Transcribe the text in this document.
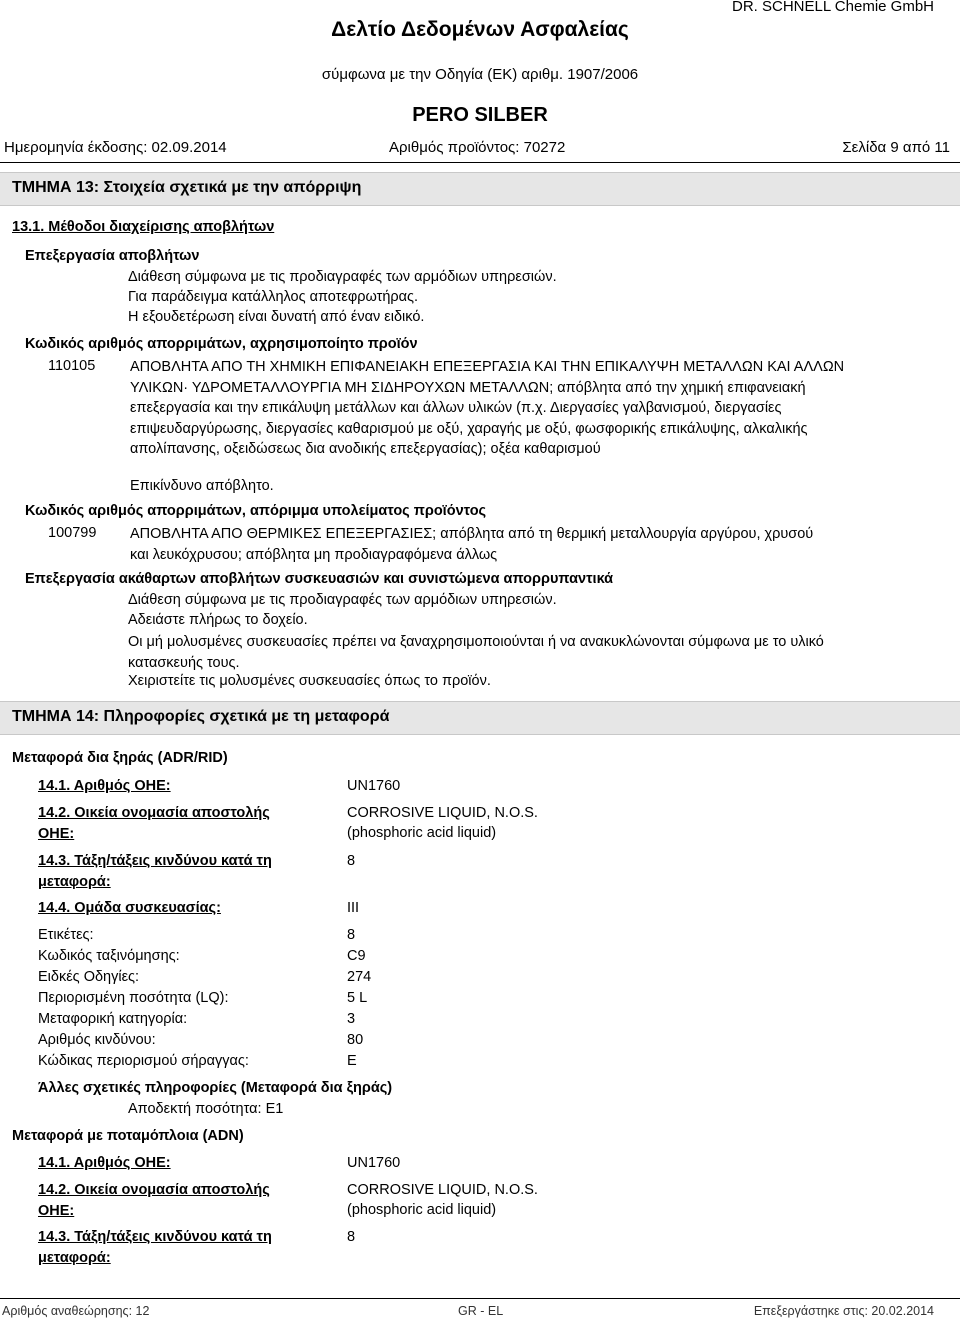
DR. SCHNELL Chemie GmbH
Δελτίο Δεδομένων Ασφαλείας
σύμφωνα με την Οδηγία (ΕΚ) αριθμ. 1907/2006
PERO SILBER
Ημερομηνία έκδοσης: 02.09.2014	Αριθμός προϊόντος: 70272	Σελίδα 9 από 11
ΤΜΗΜΑ 13: Στοιχεία σχετικά με την απόρριψη
13.1. Μέθοδοι διαχείρισης αποβλήτων
Επεξεργασία αποβλήτων
Διάθεση σύμφωνα με τις προδιαγραφές των αρμόδιων υπηρεσιών.
Για παράδειγμα κατάλληλος αποτεφρωτήρας.
Η εξουδετέρωση είναι δυνατή από έναν ειδικό.
Κωδικός αριθμός απορριμάτων, αχρησιμοποίητο προϊόν
110105 ΑΠΟΒΛΗΤΑ ΑΠΟ ΤΗ ΧΗΜΙΚΗ ΕΠΙΦΑΝΕΙΑΚΗ ΕΠΕΞΕΡΓΑΣΙΑ ΚΑΙ ΤΗΝ ΕΠΙΚΑΛΥΨΗ ΜΕΤΑΛΛΩΝ ΚΑΙ ΑΛΛΩΝ ΥΛΙΚΩΝ· ΥΔΡΟΜΕΤΑΛΛΟΥΡΓΙΑ ΜΗ ΣΙΔΗΡΟΥΧΩΝ ΜΕΤΑΛΛΩΝ; απόβλητα από την χημική επιφανειακή επεξεργασία και την επικάλυψη μετάλλων και άλλων υλικών (π.χ. Διεργασίες γαλβανισμού, διεργασίες επιψευδαργύρωσης, διεργασίες καθαρισμού με οξύ, χαραγής με οξύ, φωσφορικής επικάλυψης, αλκαλικής απολίπανσης, οξειδώσεως δια ανοδικής επεξεργασίας); οξέα καθαρισμού
Επικίνδυνο απόβλητο.
Κωδικός αριθμός απορριμάτων, απόριμμα υπολείματος προϊόντος
100799 ΑΠΟΒΛΗΤΑ ΑΠΟ ΘΕΡΜΙΚΕΣ ΕΠΕΞΕΡΓΑΣΙΕΣ; απόβλητα από τη θερμική μεταλλουργία αργύρου, χρυσού και λευκόχρυσου; απόβλητα μη προδιαγραφόμενα άλλως
Επεξεργασία ακάθαρτων αποβλήτων συσκευασιών και συνιστώμενα απορρυπαντικά
Διάθεση σύμφωνα με τις προδιαγραφές των αρμόδιων υπηρεσιών.
Αδειάστε πλήρως το δοχείο.
Οι μή μολυσμένες συσκευασίες πρέπει να ξαναχρησιμοποιούνται ή να ανακυκλώνονται σύμφωνα με το υλικό κατασκευής τους.
Χειριστείτε τις μολυσμένες συσκευασίες όπως το προϊόν.
ΤΜΗΜΑ 14: Πληροφορίες σχετικά με τη μεταφορά
Μεταφορά δια ξηράς (ADR/RID)
14.1. Αριθμός ΟΗΕ:	UN1760
14.2. Οικεία ονομασία αποστολής
ΟΗΕ:
CORROSIVE LIQUID, N.O.S.
(phosphoric acid liquid)
14.3. Τάξη/τάξεις κινδύνου κατά τη
μεταφορά:
8
14.4. Ομάδα συσκευασίας:	III
Ετικέτες:	8
Κωδικός ταξινόμησης:	C9
Ειδκές Οδηγίες:	274
Περιορισμένη ποσότητα (LQ):	5 L
Μεταφορική κατηγορία:	3
Αριθμός κινδύνου:	80
Κώδικας περιορισμού σήραγγας:	E
Άλλες σχετικές πληροφορίες (Μεταφορά δια ξηράς)
Αποδεκτή ποσότητα: E1
Μεταφορά με ποταμόπλοια (ADN)
14.1. Αριθμός ΟΗΕ:	UN1760
14.2. Οικεία ονομασία αποστολής
ΟΗΕ:
CORROSIVE LIQUID, N.O.S.
(phosphoric acid liquid)
14.3. Τάξη/τάξεις κινδύνου κατά τη
μεταφορά:
8
Αριθμός αναθεώρησης: 12	GR - EL	Επεξεργάστηκε στις: 20.02.2014
